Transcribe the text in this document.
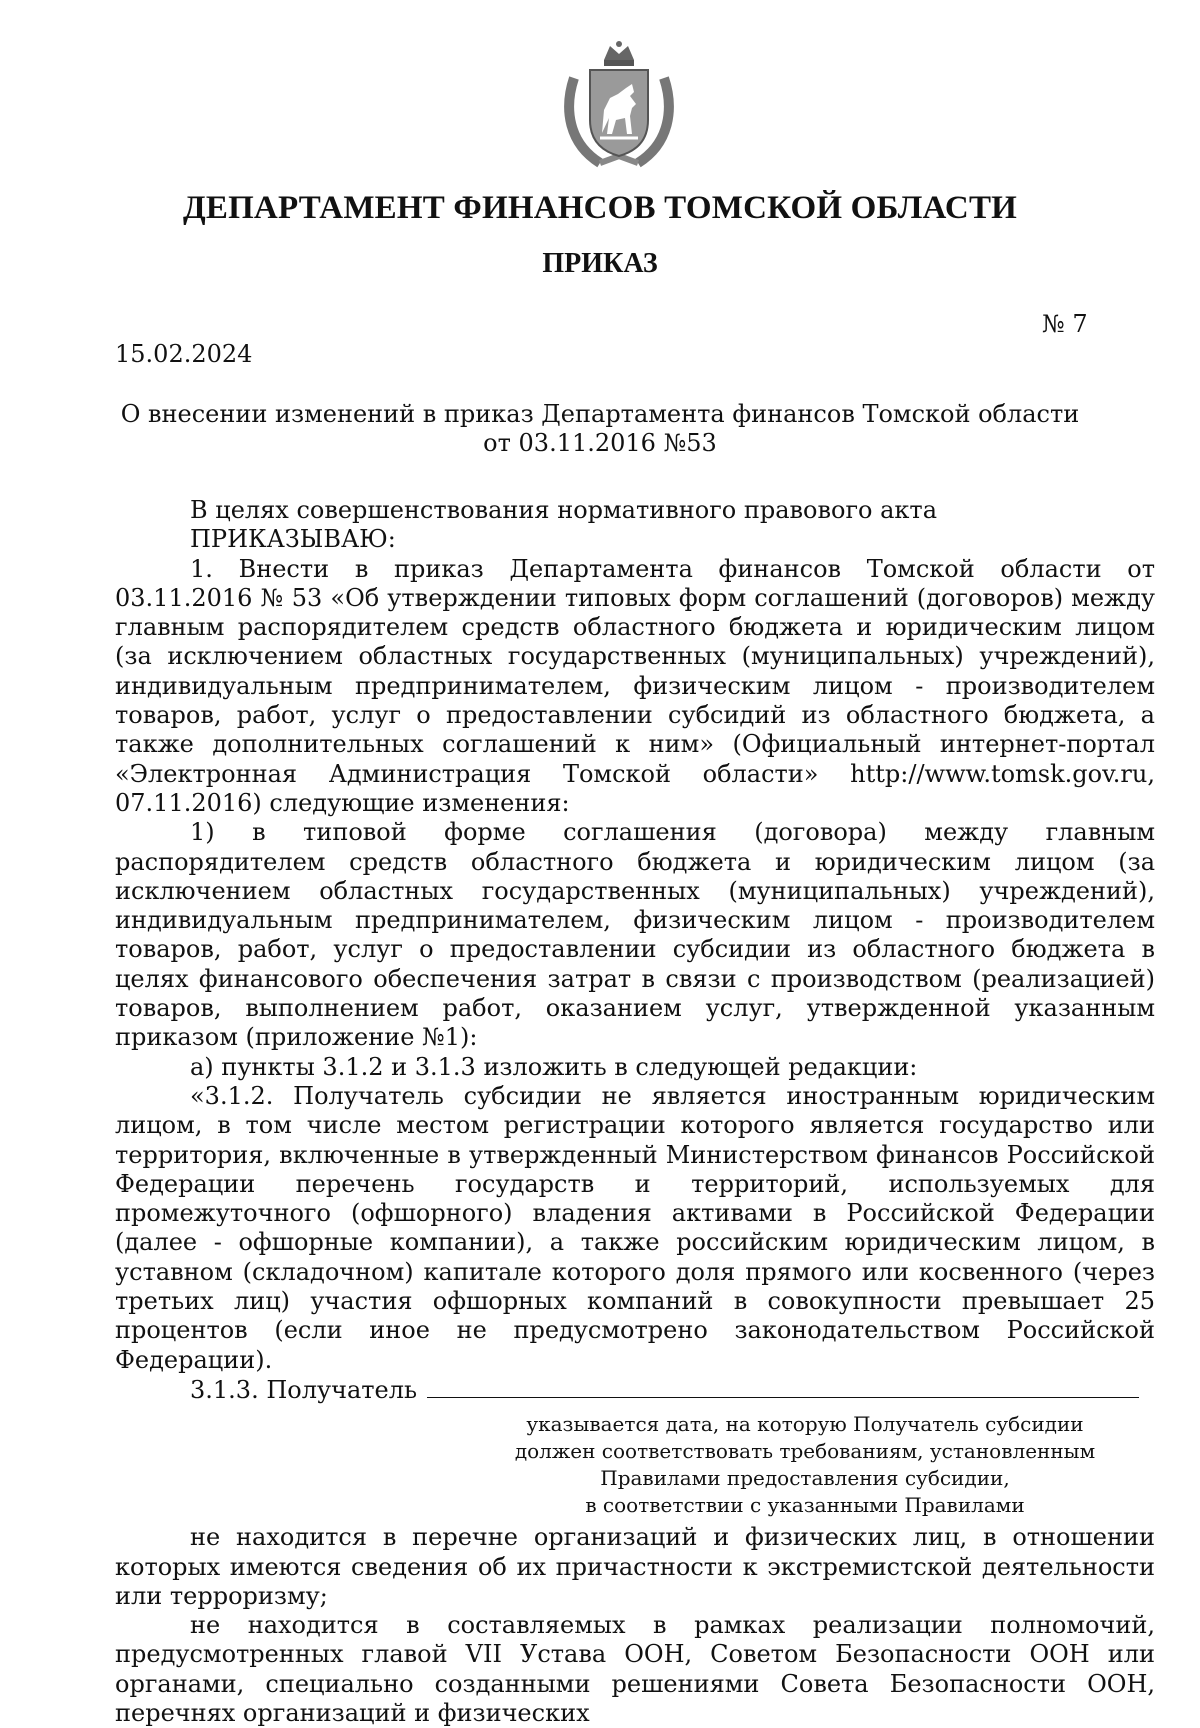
ДЕПАРТАМЕНТ ФИНАНСОВ ТОМСКОЙ ОБЛАСТИ
ПРИКАЗ
№ 7
15.02.2024
О внесении изменений в приказ Департамента финансов Томской области
от 03.11.2016 №53

В целях совершенствования нормативного правового акта

ПРИКАЗЫВАЮ:

1. Внести в приказ Департамента финансов Томской области от 03.11.2016 № 53 «Об утверждении типовых форм соглашений (договоров) между главным распорядителем средств областного бюджета и юридическим лицом (за исключением областных государственных (муниципальных) учреждений), индивидуальным предпринимателем, физическим лицом - производителем товаров, работ, услуг о предоставлении субсидий из областного бюджета, а также дополнительных соглашений к ним» (Официальный интернет-портал «Электронная Администрация Томской области» http://www.tomsk.gov.ru, 07.11.2016) следующие изменения:

1) в типовой форме соглашения (договора) между главным распорядителем средств областного бюджета и юридическим лицом (за исключением областных государственных (муниципальных) учреждений), индивидуальным предпринимателем, физическим лицом - производителем товаров, работ, услуг о предоставлении субсидии из областного бюджета в целях финансового обеспечения затрат в связи с производством (реализацией) товаров, выполнением работ, оказанием услуг, утвержденной указанным приказом (приложение №1):

а) пункты 3.1.2 и 3.1.3 изложить в следующей редакции:

«3.1.2. Получатель субсидии не является иностранным юридическим лицом, в том числе местом регистрации которого является государство или территория, включенные в утвержденный Министерством финансов Российской Федерации перечень государств и территорий, используемых для промежуточного (офшорного) владения активами в Российской Федерации (далее - офшорные компании), а также российским юридическим лицом, в уставном (складочном) капитале которого доля прямого или косвенного (через третьих лиц) участия офшорных компаний в совокупности превышает 25 процентов (если иное не предусмотрено законодательством Российской Федерации).

3.1.3. Получатель

указывается дата, на которую Получатель субсидии
должен соответствовать требованиям, установленным
Правилами предоставления субсидии,
в соответствии с указанными Правилами

не находится в перечне организаций и физических лиц, в отношении которых имеются сведения об их причастности к экстремистской деятельности или терроризму;

не находится в составляемых в рамках реализации полномочий, предусмотренных главой VII Устава ООН, Советом Безопасности ООН или органами, специально созданными решениями Совета Безопасности ООН, перечнях организаций и физических
